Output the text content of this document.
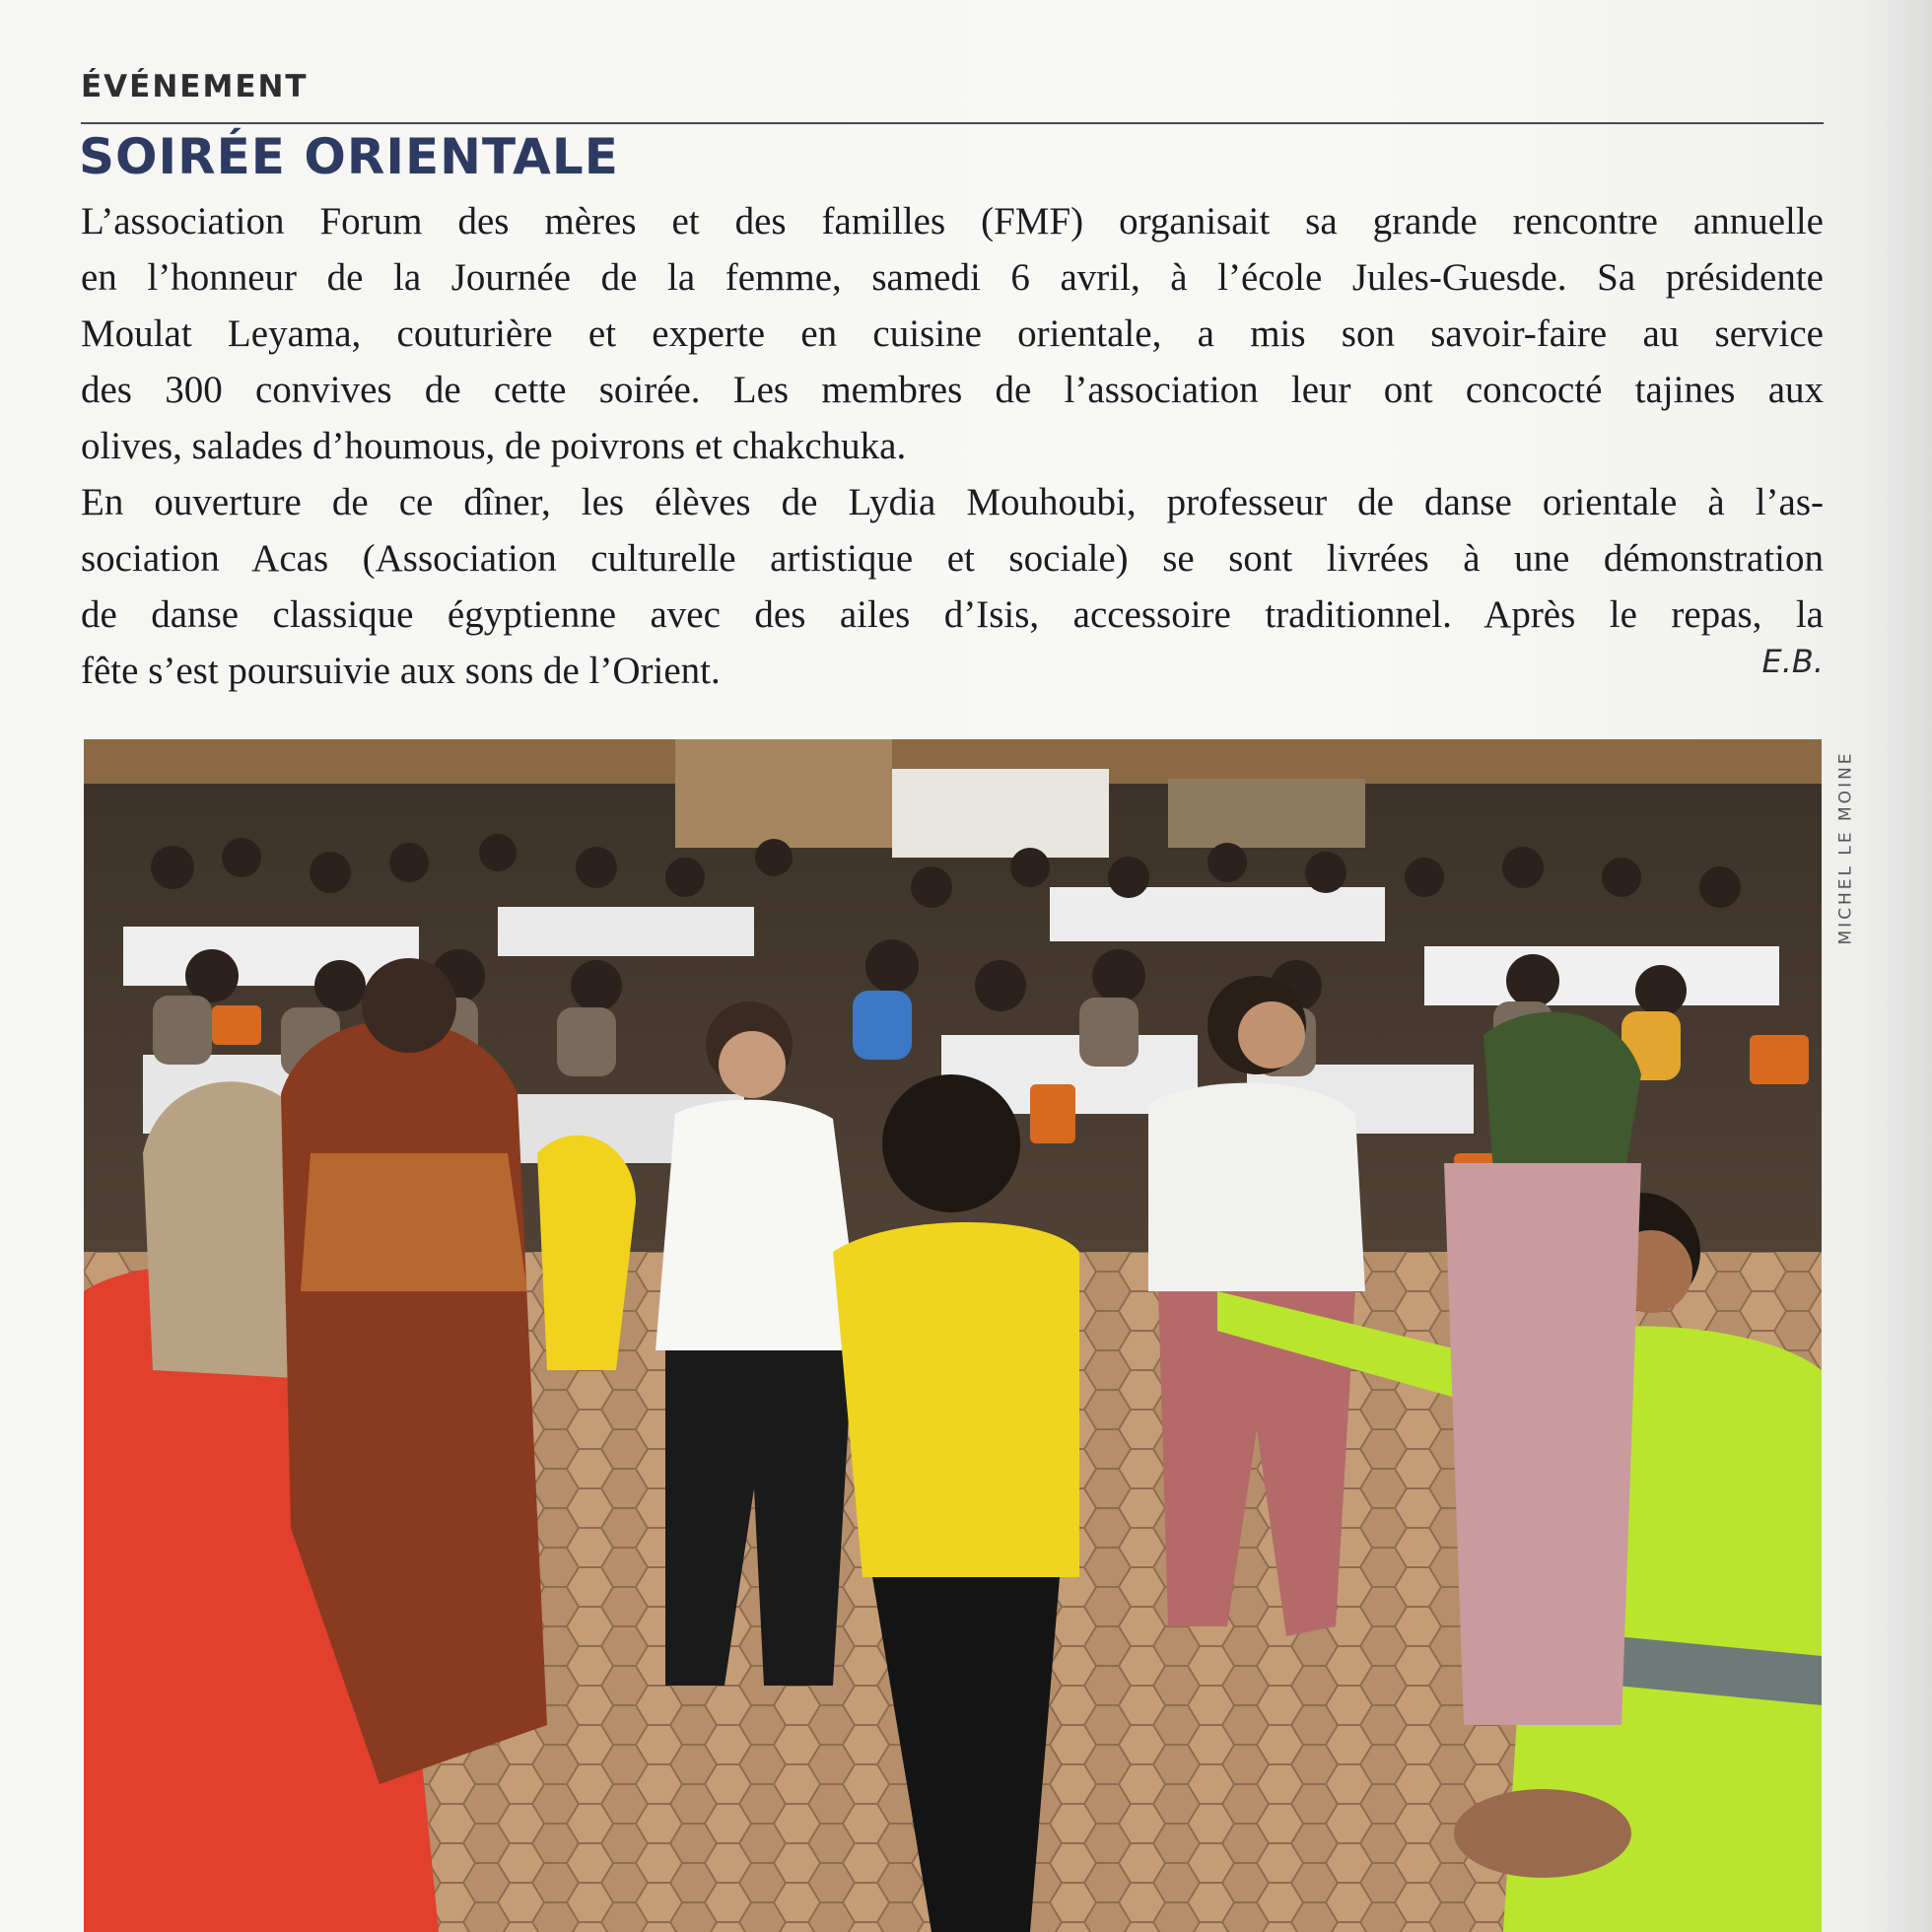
ÉVÉNEMENT
SOIRÉE ORIENTALE

L’association Forum des mères et des familles (FMF) organisait sa grande rencontre annuelle

en l’honneur de la Journée de la femme, samedi 6 avril, à l’école Jules-Guesde. Sa présidente

Moulat Leyama, couturière et experte en cuisine orientale, a mis son savoir-faire au service

des 300 convives de cette soirée. Les membres de l’association leur ont concocté tajines aux

olives, salades d’houmous, de poivrons et chakchuka.

En ouverture de ce dîner, les élèves de Lydia Mouhoubi, professeur de danse orientale à l’as-

sociation Acas (Association culturelle artistique et sociale) se sont livrées à une démonstration

de danse classique égyptienne avec des ailes d’Isis, accessoire traditionnel. Après le repas, la

fête s’est poursuivie aux sons de l’Orient.	E.B.
MICHEL LE MOINE
